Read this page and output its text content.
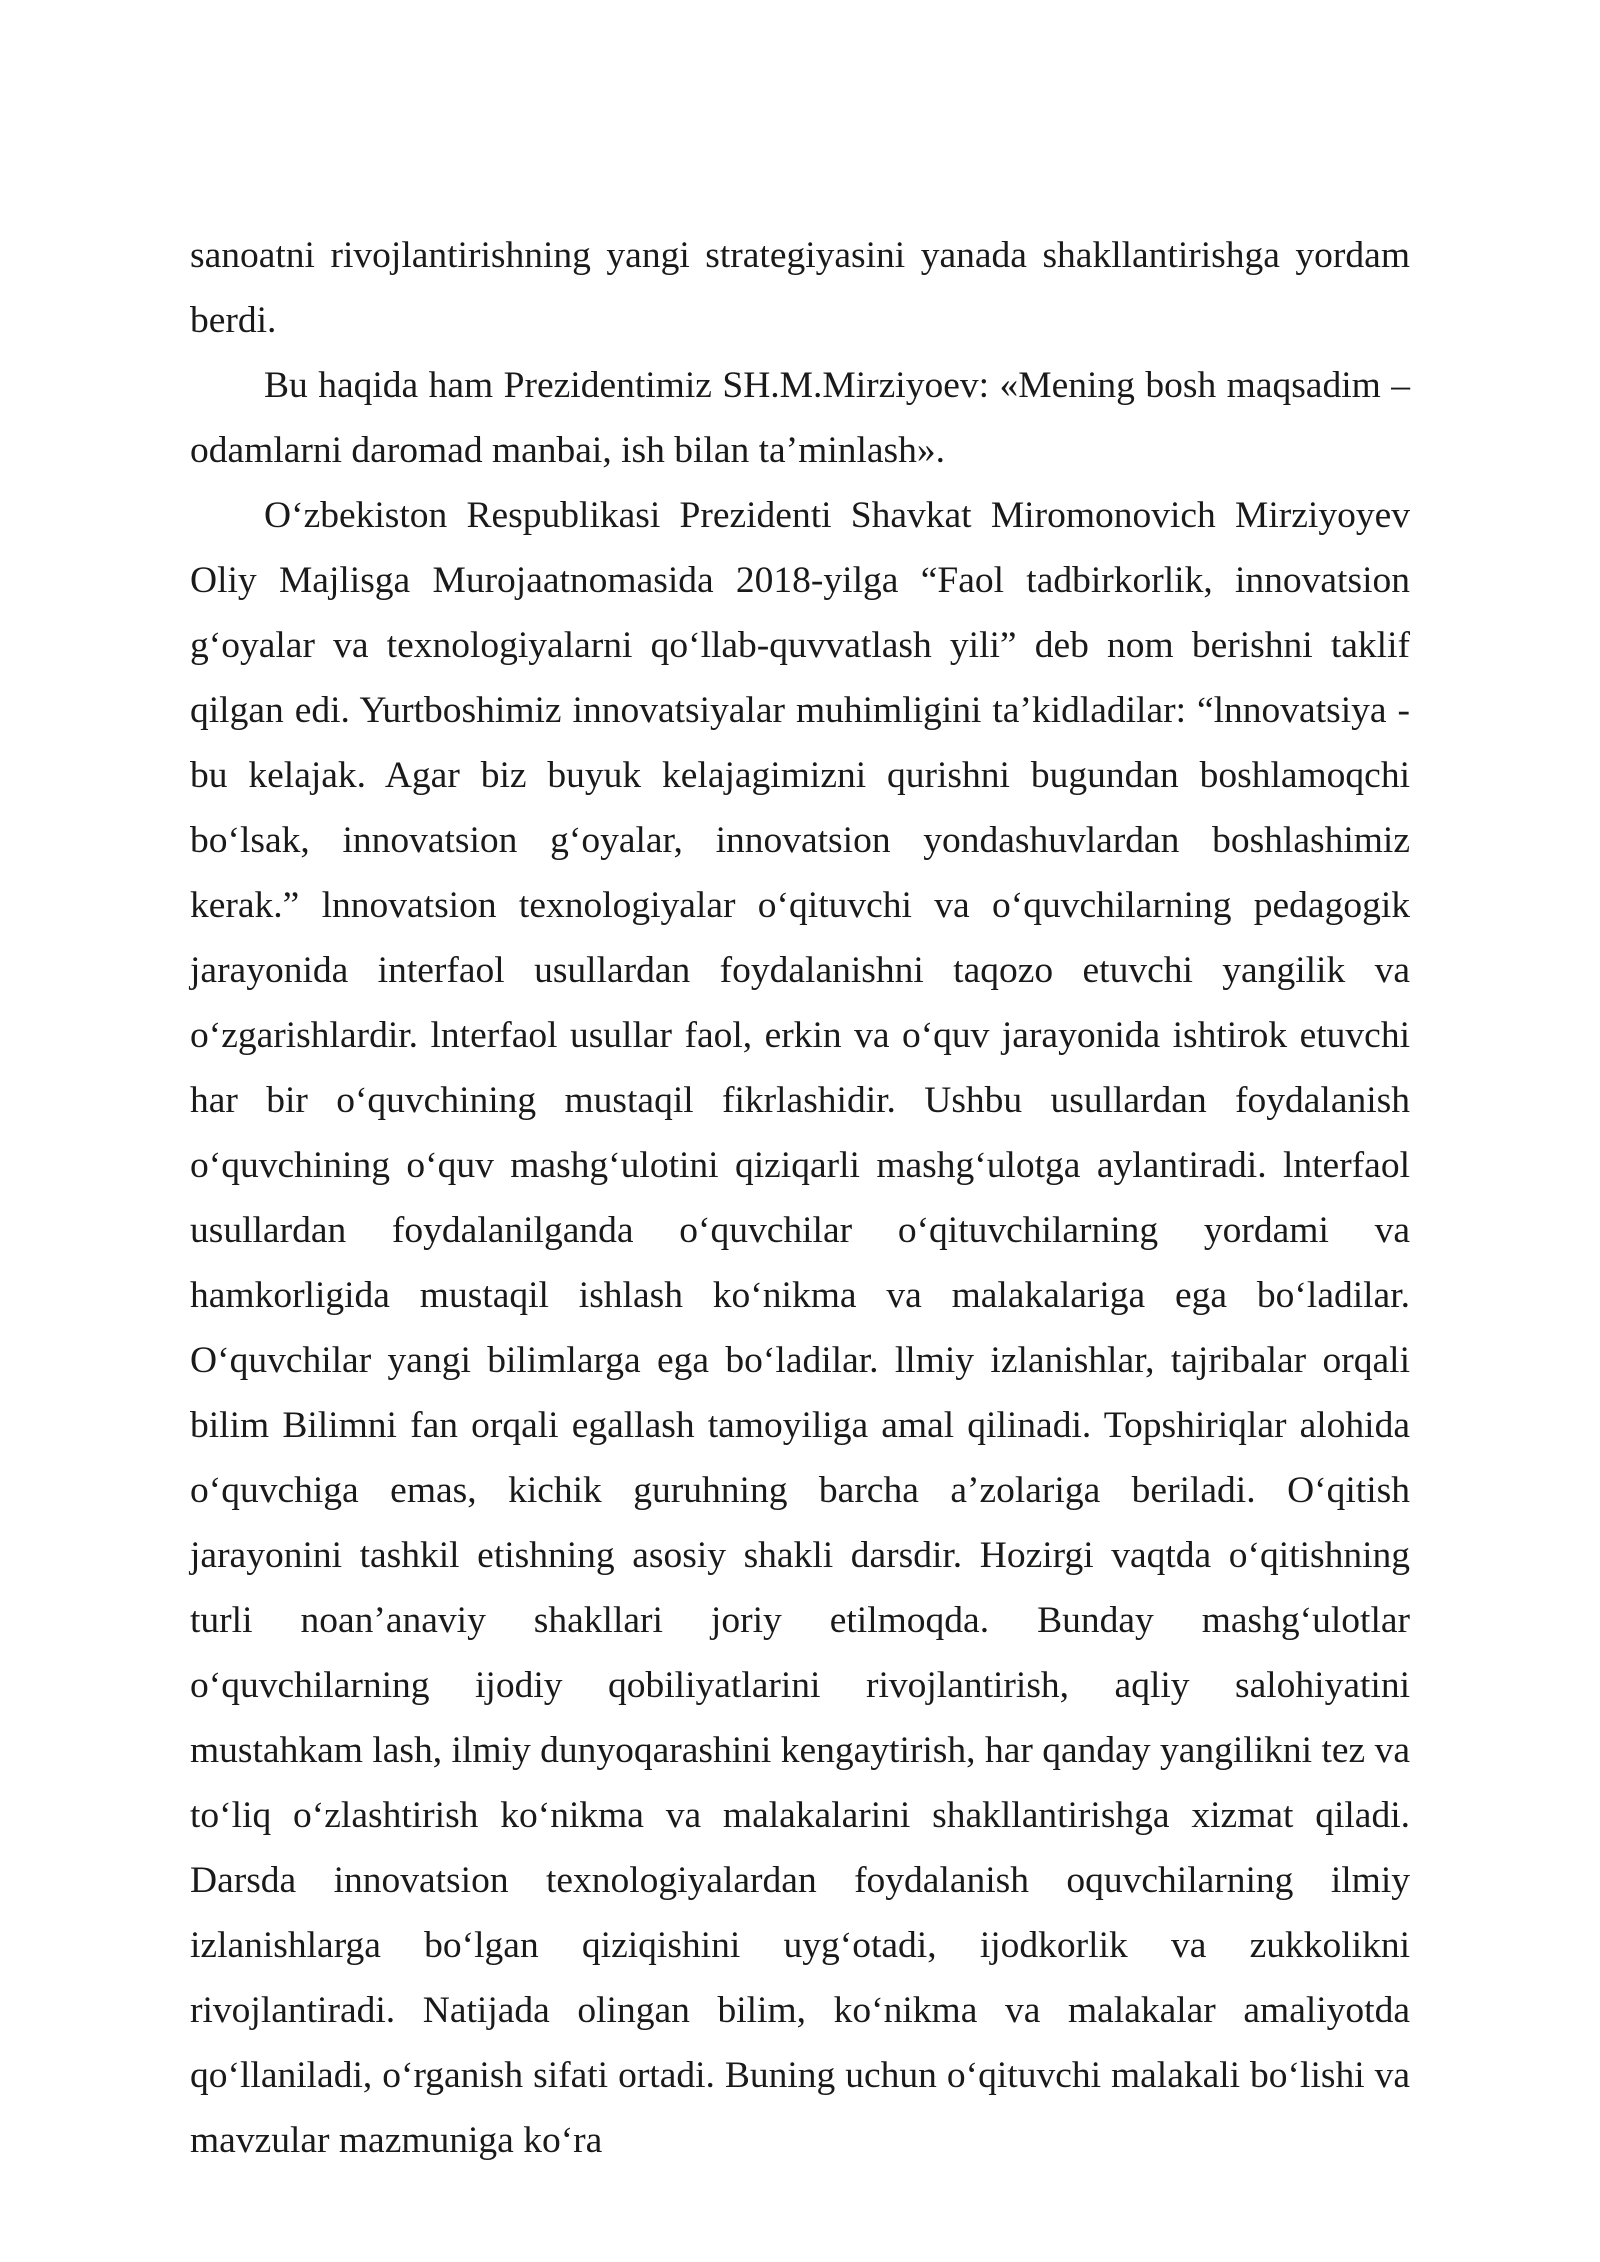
sanoatni rivojlantirishning yangi strategiyasini yanada shakllantirishga yordam berdi.

Bu haqida ham Prezidentimiz SH.M.Mirziyoev: «Mening bosh maqsadim – odamlarni daromad manbai, ish bilan ta’minlash».

O‘zbekiston Respublikasi Prezidenti Shavkat Miromonovich Mirziyoyev Oliy Majlisga Murojaatnomasida 2018-yilga “Faol tadbirkorlik, innovatsion g‘oyalar va texnologiyalarni qo‘llab-quvvatlash yili” deb nom berishni taklif qilgan edi. Yurtboshimiz innovatsiyalar muhimligini ta’kidladilar: “lnnovatsiya - bu kelajak. Agar biz buyuk kelajagimizni qurishni bugundan boshlamoqchi bo‘lsak, innovatsion g‘oyalar, innovatsion yondashuvlardan boshlashimiz kerak.” lnnovatsion texnologiyalar o‘qituvchi va o‘quvchilarning pedagogik jarayonida interfaol usullardan foydalanishni taqozo etuvchi yangilik va o‘zgarishlardir. lnterfaol usullar faol, erkin va o‘quv jarayonida ishtirok etuvchi har bir o‘quvchining mustaqil fikrlashidir. Ushbu usullardan foydalanish o‘quvchining o‘quv mashg‘ulotini qiziqarli mashg‘ulotga aylantiradi. lnterfaol usullardan foydalanilganda o‘quvchilar o‘qituvchilarning yordami va hamkorligida mustaqil ishlash ko‘nikma va malakalariga ega bo‘ladilar. O‘quvchilar yangi bilimlarga ega bo‘ladilar. llmiy izlanishlar, tajribalar orqali bilim Bilimni fan orqali egallash tamoyiliga amal qilinadi. Topshiriqlar alohida o‘quvchiga emas, kichik guruhning barcha a’zolariga beriladi. O‘qitish jarayonini tashkil etishning asosiy shakli darsdir. Hozirgi vaqtda o‘qitishning turli noan’anaviy shakllari joriy etilmoqda. Bunday mashg‘ulotlar o‘quvchilarning ijodiy qobiliyatlarini rivojlantirish, aqliy salohiyatini mustahkam lash, ilmiy dunyoqarashini kengaytirish, har qanday yangilikni tez va to‘liq o‘zlashtirish ko‘nikma va malakalarini shakllantirishga xizmat qiladi. Darsda innovatsion texnologiyalardan foydalanish oquvchilarning ilmiy izlanishlarga bo‘lgan qiziqishini uyg‘otadi, ijodkorlik va zukkolikni rivojlantiradi. Natijada olingan bilim, ko‘nikma va malakalar amaliyotda qo‘llaniladi, o‘rganish sifati ortadi. Buning uchun o‘qituvchi malakali bo‘lishi va mavzular mazmuniga ko‘ra
